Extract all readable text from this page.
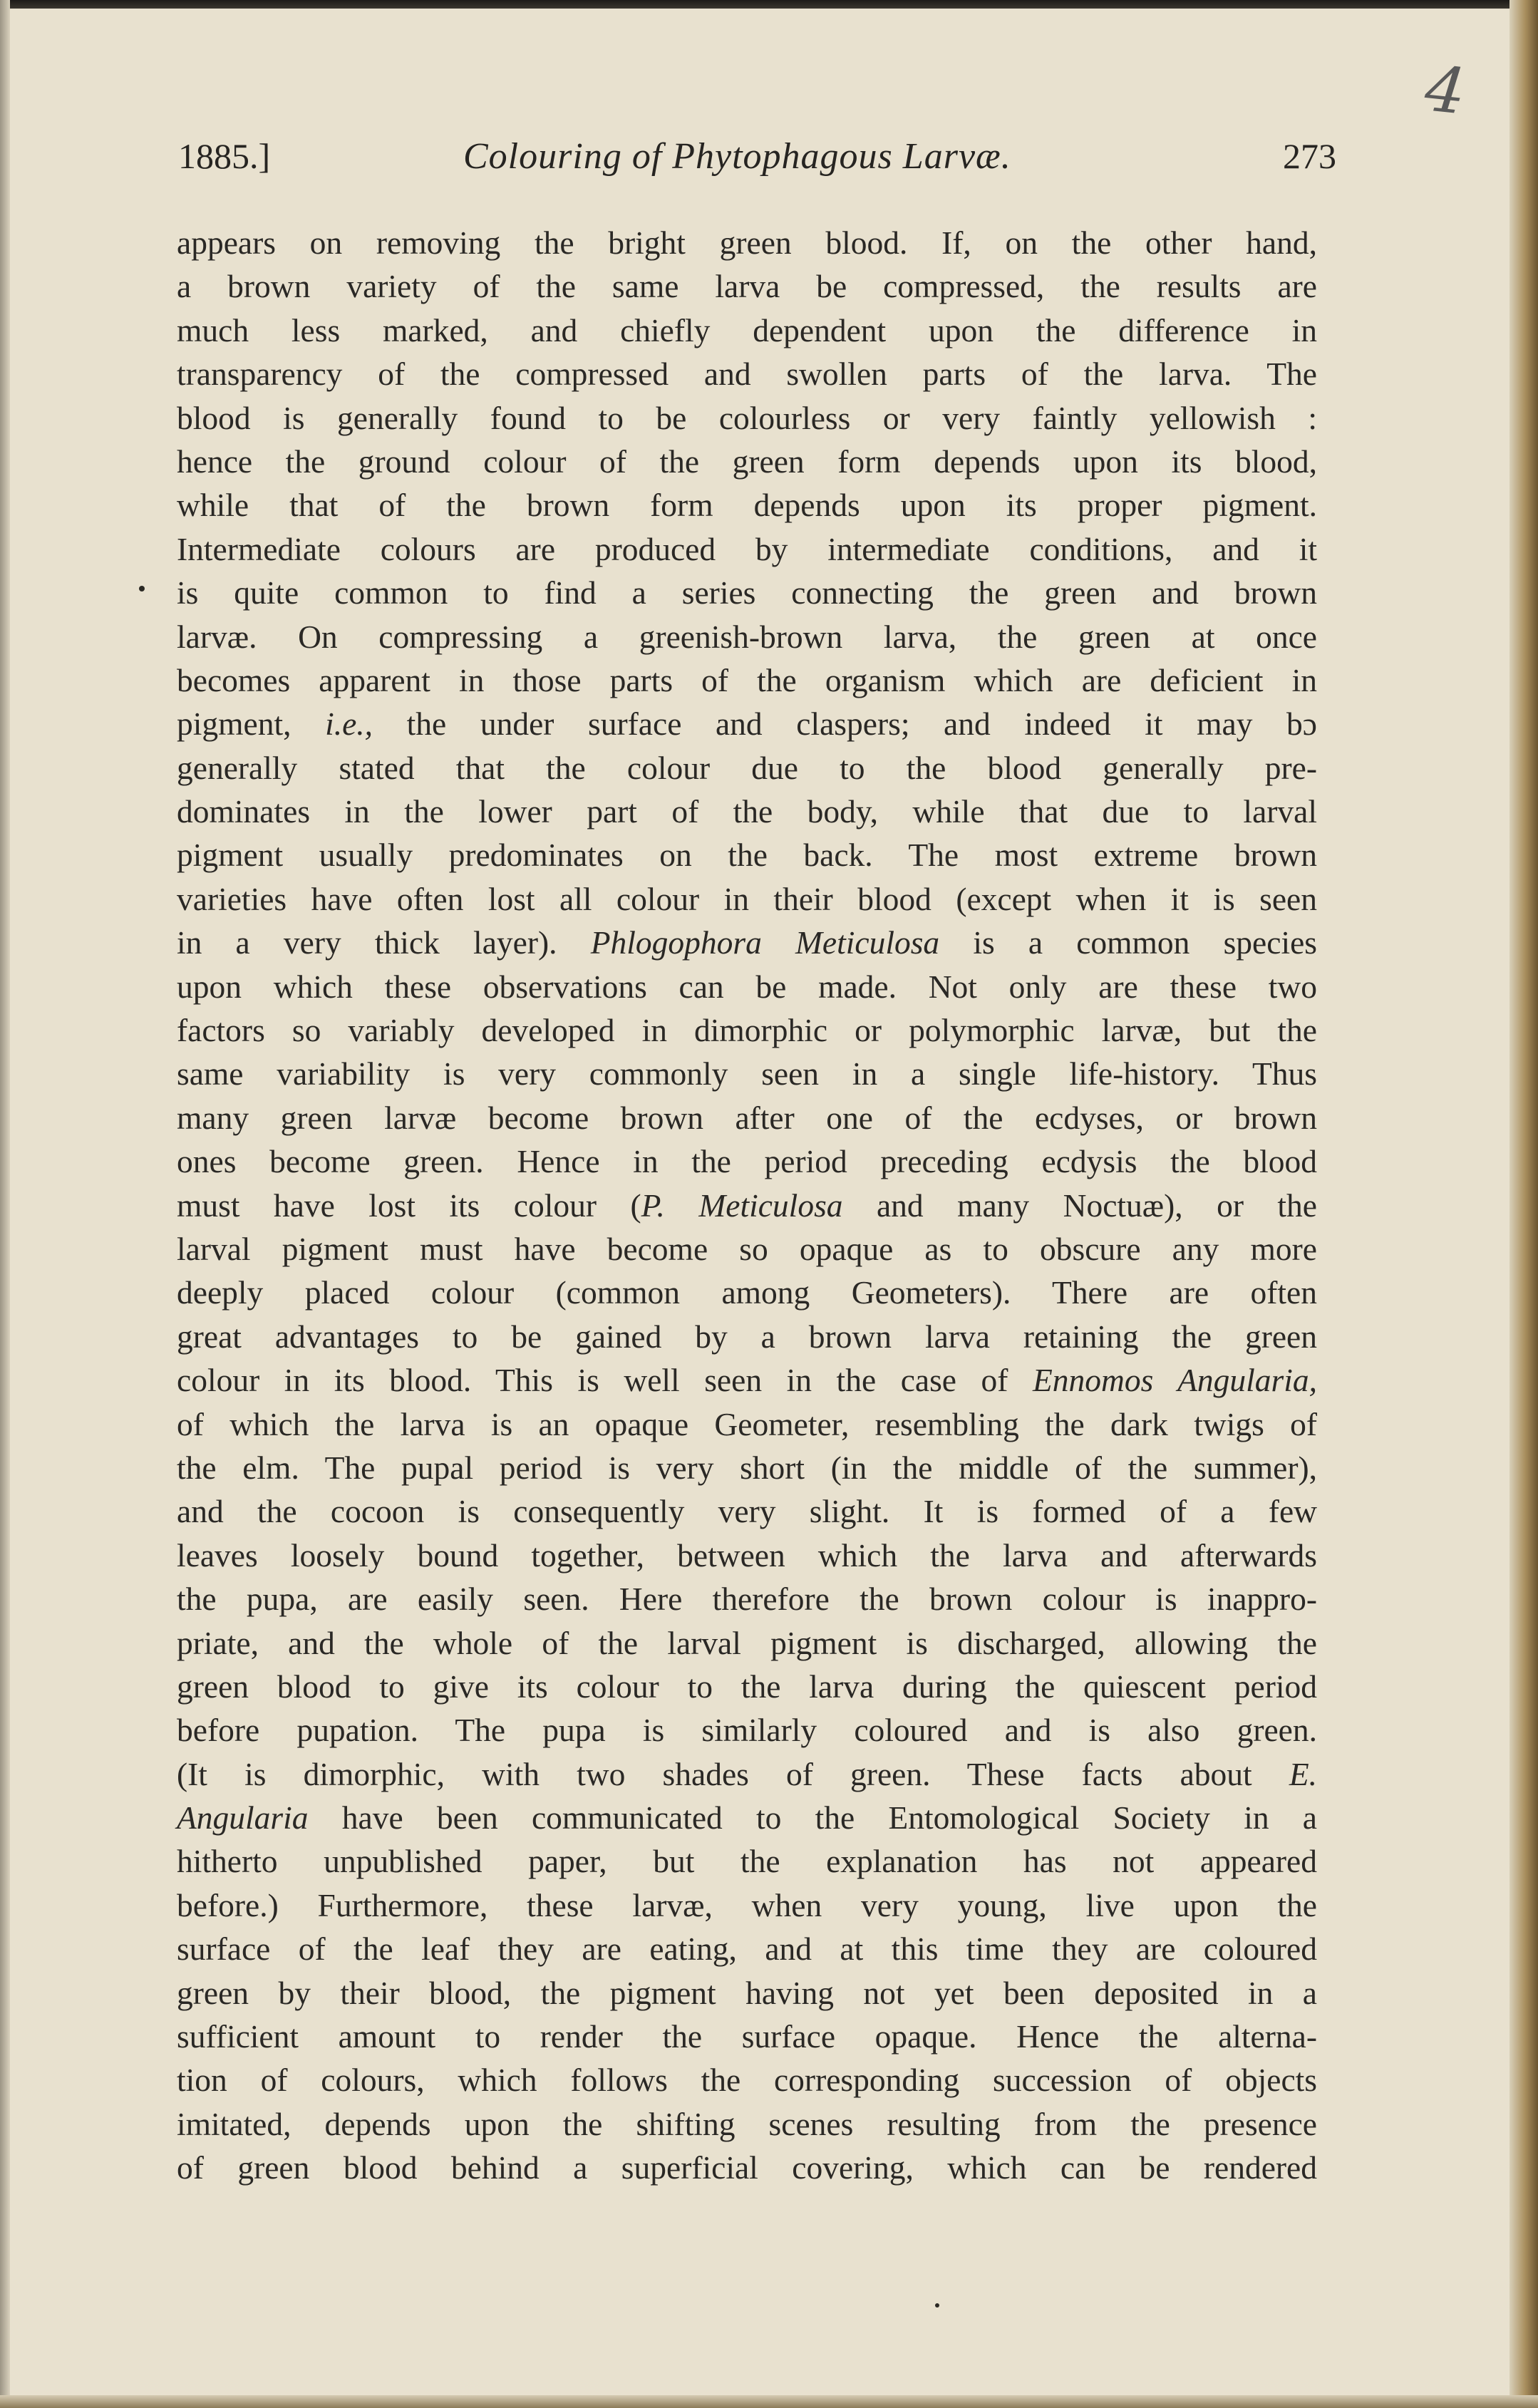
4
1885.]	Colouring of Phytophagous Larvæ.	273
appears on removing the bright green blood. If, on the other hand,
a brown variety of the same larva be compressed, the results are
much less marked, and chiefly dependent upon the difference in
transparency of the compressed and swollen parts of the larva. The
blood is generally found to be colourless or very faintly yellowish :
hence the ground colour of the green form depends upon its blood,
while that of the brown form depends upon its proper pigment.
Intermediate colours are produced by intermediate conditions, and it
is quite common to find a series connecting the green and brown
larvæ. On compressing a greenish-brown larva, the green at once
becomes apparent in those parts of the organism which are deficient in
pigment, i.e., the under surface and claspers; and indeed it may bɔ
generally stated that the colour due to the blood generally pre-
dominates in the lower part of the body, while that due to larval
pigment usually predominates on the back. The most extreme brown
varieties have often lost all colour in their blood (except when it is seen
in a very thick layer). Phlogophora Meticulosa is a common species
upon which these observations can be made. Not only are these two
factors so variably developed in dimorphic or polymorphic larvæ, but the
same variability is very commonly seen in a single life-history. Thus
many green larvæ become brown after one of the ecdyses, or brown
ones become green. Hence in the period preceding ecdysis the blood
must have lost its colour (P. Meticulosa and many Noctuæ), or the
larval pigment must have become so opaque as to obscure any more
deeply placed colour (common among Geometers). There are often
great advantages to be gained by a brown larva retaining the green
colour in its blood. This is well seen in the case of Ennomos Angularia,
of which the larva is an opaque Geometer, resembling the dark twigs of
the elm. The pupal period is very short (in the middle of the summer),
and the cocoon is consequently very slight. It is formed of a few
leaves loosely bound together, between which the larva and afterwards
the pupa, are easily seen. Here therefore the brown colour is inappro-
priate, and the whole of the larval pigment is discharged, allowing the
green blood to give its colour to the larva during the quiescent period
before pupation. The pupa is similarly coloured and is also green.
(It is dimorphic, with two shades of green. These facts about E.
Angularia have been communicated to the Entomological Society in a
hitherto unpublished paper, but the explanation has not appeared
before.) Furthermore, these larvæ, when very young, live upon the
surface of the leaf they are eating, and at this time they are coloured
green by their blood, the pigment having not yet been deposited in a
sufficient amount to render the surface opaque. Hence the alterna-
tion of colours, which follows the corresponding succession of objects
imitated, depends upon the shifting scenes resulting from the presence
of green blood behind a superficial covering, which can be rendered
